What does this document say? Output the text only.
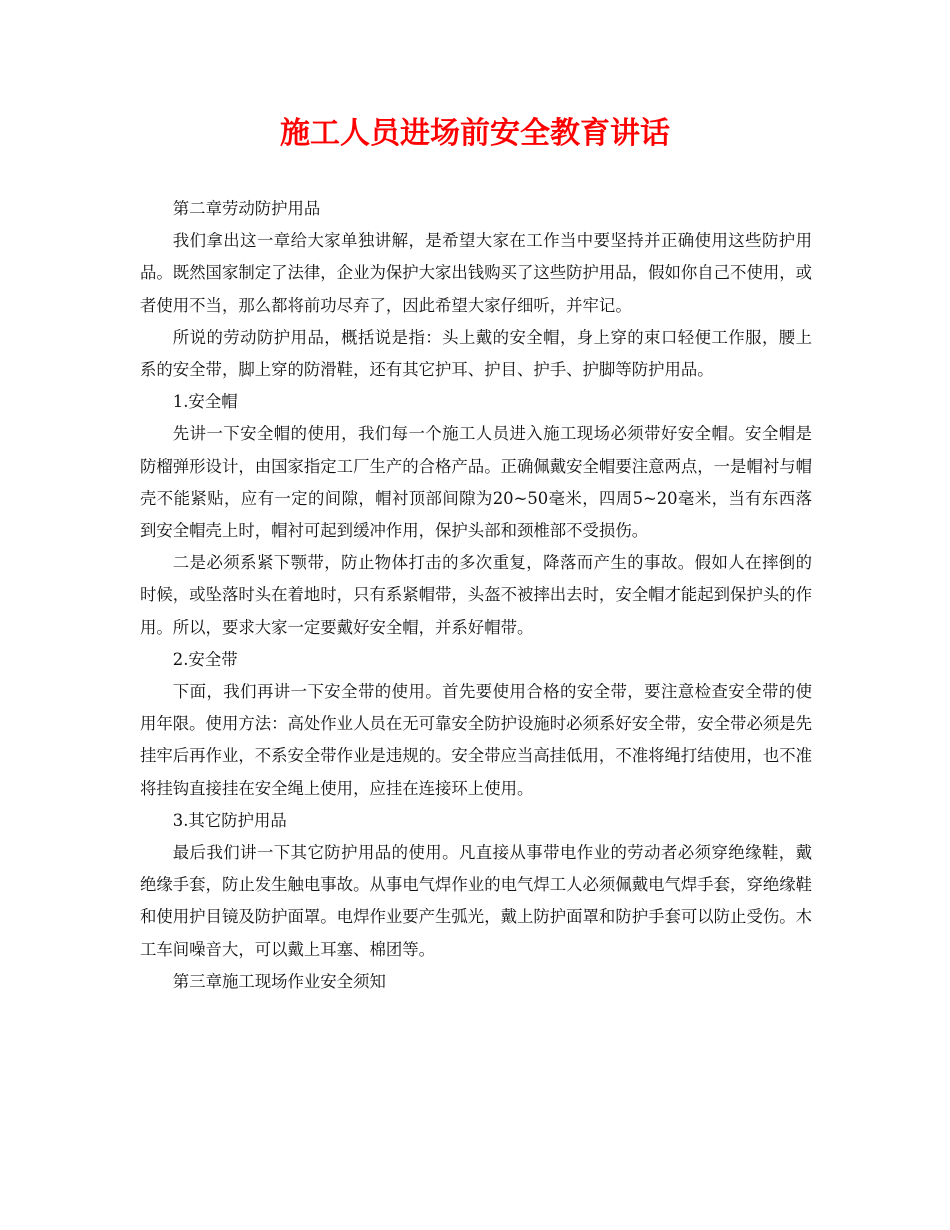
施工人员进场前安全教育讲话

第二章劳动防护用品

我们拿出这一章给大家单独讲解，是希望大家在工作当中要坚持并正确使用这些防护用品。既然国家制定了法律，企业为保护大家出钱购买了这些防护用品，假如你自己不使用，或者使用不当，那么都将前功尽弃了，因此希望大家仔细听，并牢记。

所说的劳动防护用品，概括说是指：头上戴的安全帽，身上穿的束口轻便工作服，腰上系的安全带，脚上穿的防滑鞋，还有其它护耳、护目、护手、护脚等防护用品。

1.安全帽

先讲一下安全帽的使用，我们每一个施工人员进入施工现场必须带好安全帽。安全帽是防榴弹形设计，由国家指定工厂生产的合格产品。正确佩戴安全帽要注意两点，一是帽衬与帽壳不能紧贴，应有一定的间隙，帽衬顶部间隙为20~50毫米，四周5~20毫米，当有东西落到安全帽壳上时，帽衬可起到缓冲作用，保护头部和颈椎部不受损伤。

二是必须系紧下颚带，防止物体打击的多次重复，降落而产生的事故。假如人在摔倒的时候，或坠落时头在着地时，只有系紧帽带，头盔不被摔出去时，安全帽才能起到保护头的作用。所以，要求大家一定要戴好安全帽，并系好帽带。

2.安全带

下面，我们再讲一下安全带的使用。首先要使用合格的安全带，要注意检查安全带的使用年限。使用方法：高处作业人员在无可靠安全防护设施时必须系好安全带，安全带必须是先挂牢后再作业，不系安全带作业是违规的。安全带应当高挂低用，不准将绳打结使用，也不准将挂钩直接挂在安全绳上使用，应挂在连接环上使用。

3.其它防护用品

最后我们讲一下其它防护用品的使用。凡直接从事带电作业的劳动者必须穿绝缘鞋，戴绝缘手套，防止发生触电事故。从事电气焊作业的电气焊工人必须佩戴电气焊手套，穿绝缘鞋和使用护目镜及防护面罩。电焊作业要产生弧光，戴上防护面罩和防护手套可以防止受伤。木工车间噪音大，可以戴上耳塞、棉团等。

第三章施工现场作业安全须知
